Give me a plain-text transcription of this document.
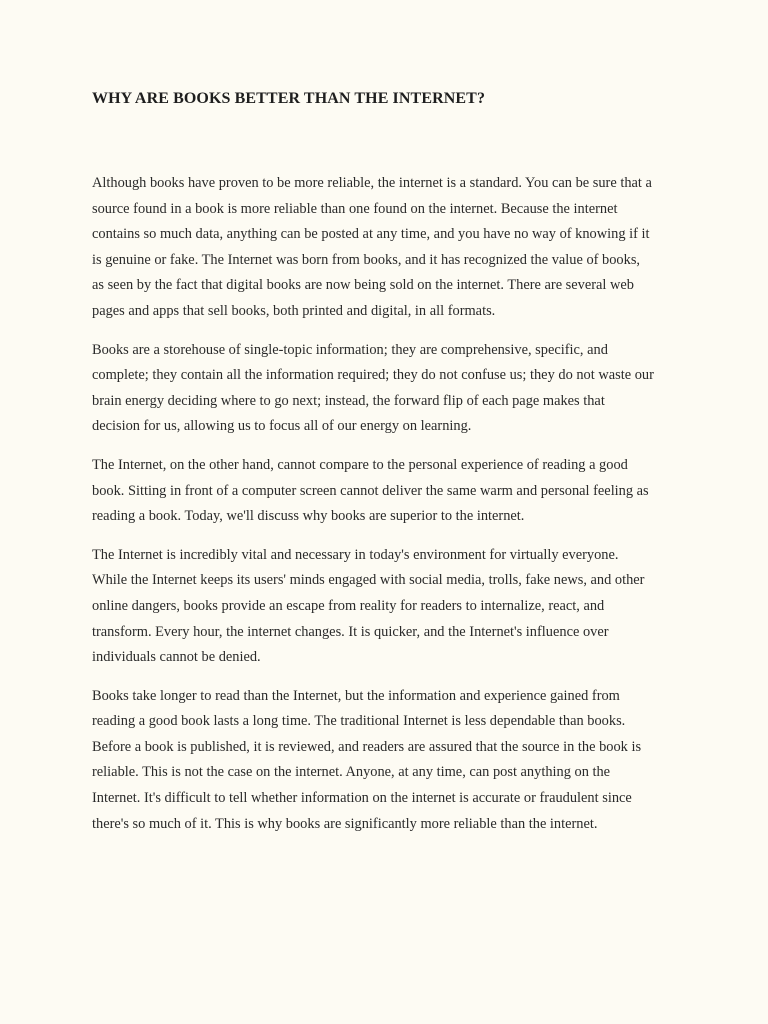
WHY ARE BOOKS BETTER THAN THE INTERNET?

Although books have proven to be more reliable, the internet is a standard. You can be sure that a
source found in a book is more reliable than one found on the internet. Because the internet
contains so much data, anything can be posted at any time, and you have no way of knowing if it
is genuine or fake. The Internet was born from books, and it has recognized the value of books,
as seen by the fact that digital books are now being sold on the internet. There are several web
pages and apps that sell books, both printed and digital, in all formats.

Books are a storehouse of single-topic information; they are comprehensive, specific, and
complete; they contain all the information required; they do not confuse us; they do not waste our
brain energy deciding where to go next; instead, the forward flip of each page makes that
decision for us, allowing us to focus all of our energy on learning.

The Internet, on the other hand, cannot compare to the personal experience of reading a good
book. Sitting in front of a computer screen cannot deliver the same warm and personal feeling as
reading a book. Today, we'll discuss why books are superior to the internet.

The Internet is incredibly vital and necessary in today's environment for virtually everyone.
While the Internet keeps its users' minds engaged with social media, trolls, fake news, and other
online dangers, books provide an escape from reality for readers to internalize, react, and
transform. Every hour, the internet changes. It is quicker, and the Internet's influence over
individuals cannot be denied.

Books take longer to read than the Internet, but the information and experience gained from
reading a good book lasts a long time. The traditional Internet is less dependable than books.
Before a book is published, it is reviewed, and readers are assured that the source in the book is
reliable. This is not the case on the internet. Anyone, at any time, can post anything on the
Internet. It's difficult to tell whether information on the internet is accurate or fraudulent since
there's so much of it. This is why books are significantly more reliable than the internet.
